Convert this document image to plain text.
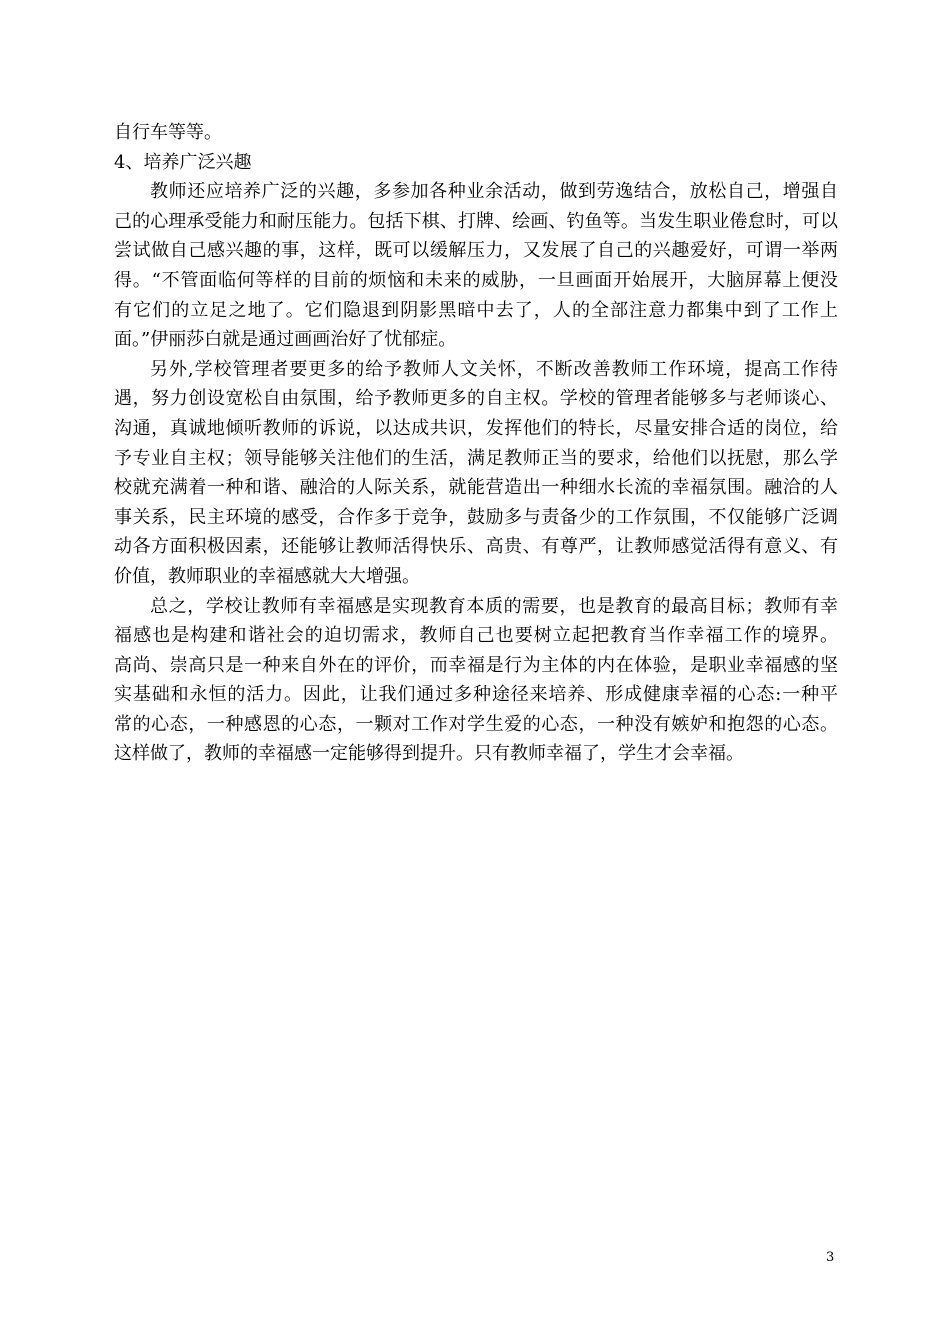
自行车等等。
4、培养广泛兴趣
教师还应培养广泛的兴趣，多参加各种业余活动，做到劳逸结合，放松自己，增强自
己的心理承受能力和耐压能力。包括下棋、打牌、绘画、钓鱼等。当发生职业倦怠时，可以
尝试做自己感兴趣的事，这样，既可以缓解压力，又发展了自己的兴趣爱好，可谓一举两
得。“不管面临何等样的目前的烦恼和未来的威胁，一旦画面开始展开，大脑屏幕上便没
有它们的立足之地了。它们隐退到阴影黑暗中去了，人的全部注意力都集中到了工作上
面。”伊丽莎白就是通过画画治好了忧郁症。
另外,学校管理者要更多的给予教师人文关怀，不断改善教师工作环境，提高工作待
遇，努力创设宽松自由氛围，给予教师更多的自主权。学校的管理者能够多与老师谈心、
沟通，真诚地倾听教师的诉说，以达成共识，发挥他们的特长，尽量安排合适的岗位，给
予专业自主权；领导能够关注他们的生活，满足教师正当的要求，给他们以抚慰，那么学
校就充满着一种和谐、融洽的人际关系，就能营造出一种细水长流的幸福氛围。融洽的人
事关系，民主环境的感受，合作多于竞争，鼓励多与责备少的工作氛围，不仅能够广泛调
动各方面积极因素，还能够让教师活得快乐、高贵、有尊严，让教师感觉活得有意义、有
价值，教师职业的幸福感就大大增强。
总之，学校让教师有幸福感是实现教育本质的需要，也是教育的最高目标；教师有幸
福感也是构建和谐社会的迫切需求，教师自己也要树立起把教育当作幸福工作的境界。
高尚、崇高只是一种来自外在的评价，而幸福是行为主体的内在体验，是职业幸福感的坚
实基础和永恒的活力。因此，让我们通过多种途径来培养、形成健康幸福的心态:一种平
常的心态，一种感恩的心态，一颗对工作对学生爱的心态，一种没有嫉妒和抱怨的心态。
这样做了，教师的幸福感一定能够得到提升。只有教师幸福了，学生才会幸福。
3
